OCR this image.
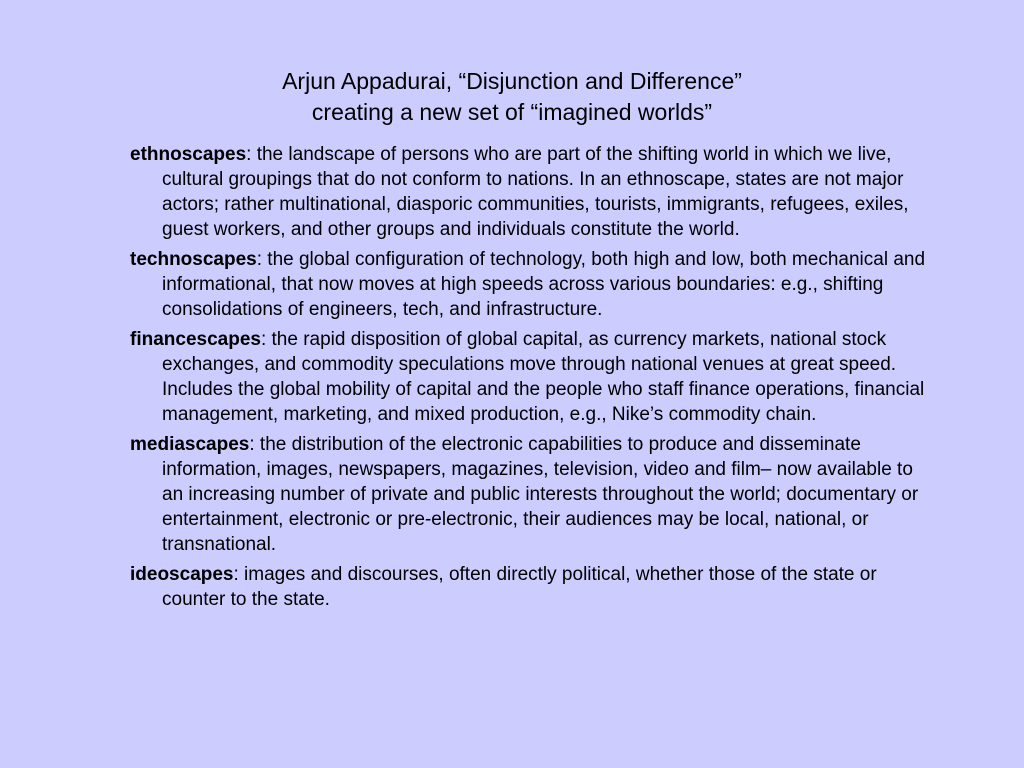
Arjun Appadurai, “Disjunction and Difference”
creating a new set of “imagined worlds”
ethnoscapes: the landscape of persons who are part of the shifting world in which we live, cultural groupings that do not conform to nations. In an ethnoscape, states are not major actors; rather multinational, diasporic communities, tourists, immigrants, refugees, exiles, guest workers, and other groups and individuals constitute the world.
technoscapes: the global configuration of technology, both high and low, both mechanical and informational, that now moves at high speeds across various boundaries: e.g., shifting consolidations of engineers, tech, and infrastructure.
financescapes: the rapid disposition of global capital, as currency markets, national stock exchanges, and commodity speculations move through national venues at great speed. Includes the global mobility of capital and the people who staff finance operations, financial management, marketing, and mixed production, e.g., Nike’s commodity chain.
mediascapes: the distribution of the electronic capabilities to produce and disseminate information, images, newspapers, magazines, television, video and film– now available to an increasing number of private and public interests throughout the world; documentary or entertainment, electronic or pre-electronic, their audiences may be local, national, or transnational.
ideoscapes: images and discourses, often directly political, whether those of the state or counter to the state.
